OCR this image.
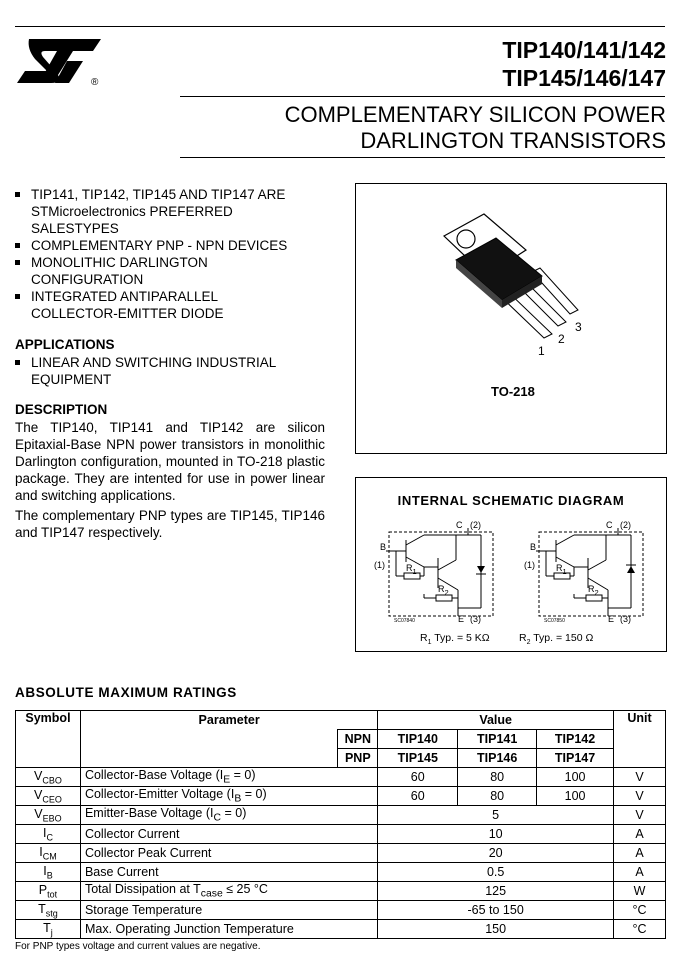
®
TIP140/141/142
TIP145/146/147
COMPLEMENTARY SILICON POWER
DARLINGTON TRANSISTORS
TIP141, TIP142, TIP145 AND TIP147 ARE
STMicroelectronics PREFERRED
SALESTYPES
COMPLEMENTARY PNP - NPN DEVICES
MONOLITHIC DARLINGTON
CONFIGURATION
INTEGRATED ANTIPARALLEL
COLLECTOR-EMITTER DIODE
APPLICATIONS
LINEAR AND SWITCHING INDUSTRIAL
EQUIPMENT
DESCRIPTION
The TIP140, TIP141 and TIP142 are silicon Epitaxial-Base NPN power transistors in monolithic Darlington configuration, mounted in TO-218 plastic package. They are intented for use in power linear and switching applications.
The complementary PNP types are TIP145, TIP146 and TIP147 respectively.
1
2
3
TO-218
INTERNAL SCHEMATIC DIAGRAM
B
(1)
C (2)
$R_1$
$R_2$
E (3)
SC07840
B
(1)
C (2)
$R_1$
$R_2$
E (3)
SC07850
$R_1$ Typ. = 5 KΩ	$R_2$ Typ. = 150 Ω
ABSOLUTE MAXIMUM RATINGS
Symbol	Parameter		Value			Unit
		NPN	TIP140	TIP141	TIP142	
		PNP	TIP145	TIP146	TIP147	
$V_{CBO}$	Collector-Base Voltage $(I_E = 0)$		60	80	100	V
$V_{CEO}$	Collector-Emitter Voltage $(I_B = 0)$		60	80	100	V
$V_{EBO}$	Emitter-Base Voltage $(I_C = 0)$		5			V
$I_C$	Collector Current		10			A
$I_{CM}$	Collector Peak Current		20			A
$I_B$	Base Current		0.5			A
$P_{tot}$	Total Dissipation at $T_{case} \le 25$ °C		125			W
$T_{stg}$	Storage Temperature		-65 to 150			°C
$T_j$	Max. Operating Junction Temperature		150			°C
For PNP types voltage and current values are negative.
